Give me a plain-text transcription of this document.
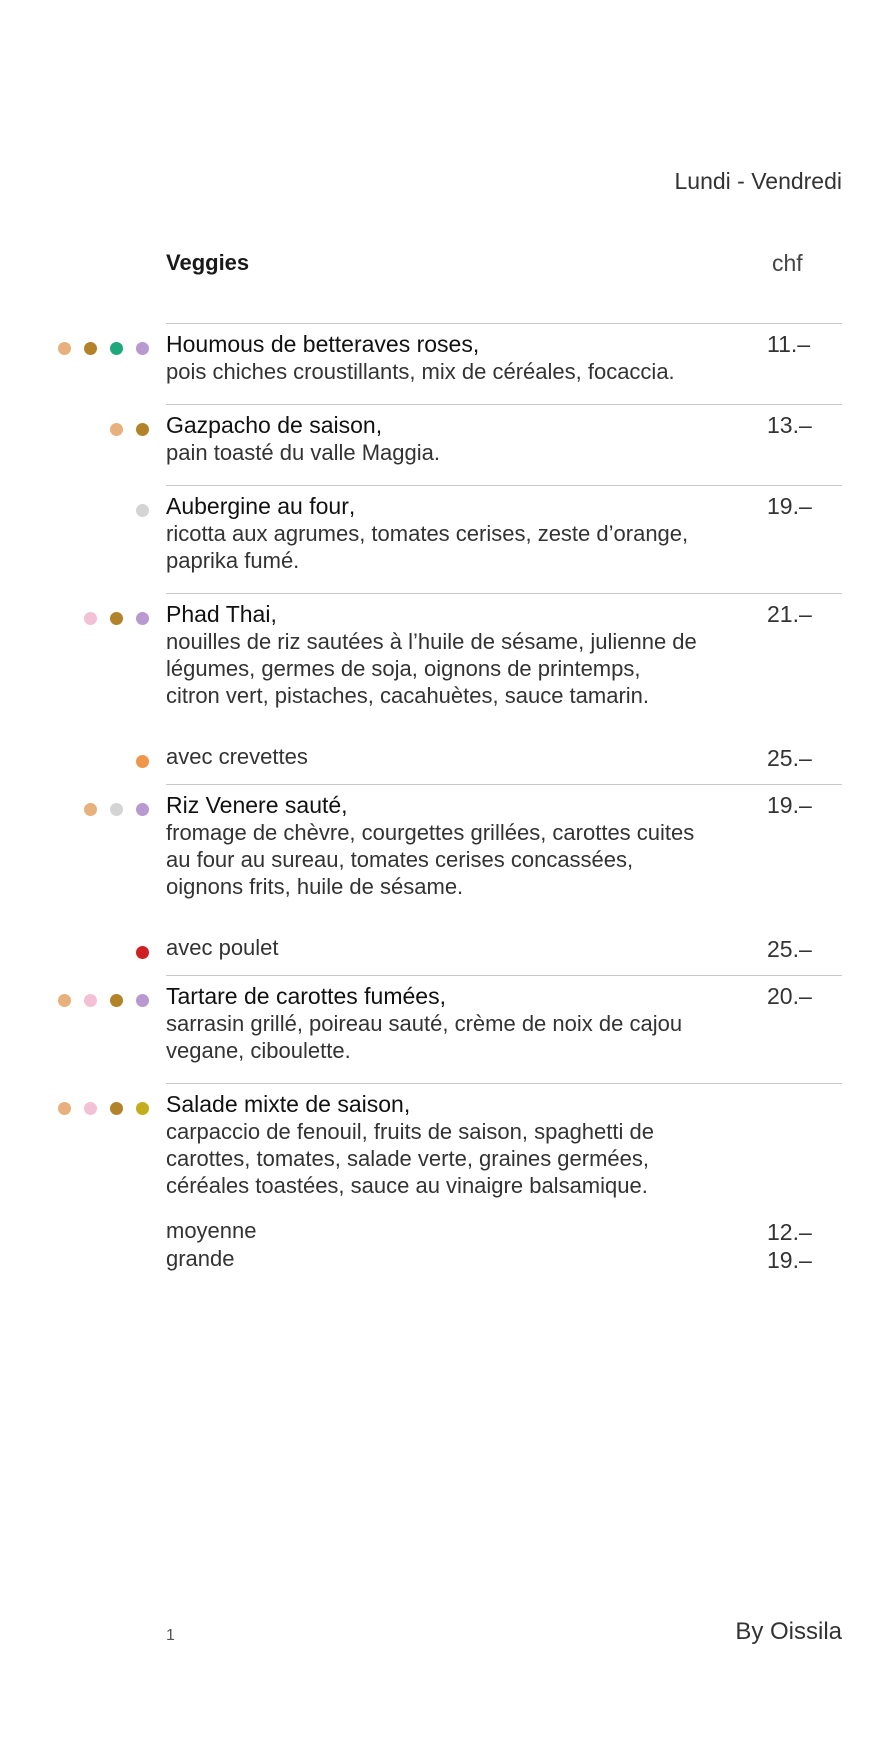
Lundi - Vendredi
Veggies	chf
Houmous de betteraves roses,
pois chiches croustillants, mix de céréales, focaccia.
11.–
Gazpacho de saison,
pain toasté du valle Maggia.
13.–
Aubergine au four,
ricotta aux agrumes, tomates cerises, zeste d’orange,
paprika fumé.
19.–
Phad Thai,
nouilles de riz sautées à l’huile de sésame, julienne de
légumes, germes de soja, oignons de printemps,
citron vert, pistaches, cacahuètes, sauce tamarin.
21.–
avec crevettes	25.–
Riz Venere sauté,
fromage de chèvre, courgettes grillées, carottes cuites
au four au sureau, tomates cerises concassées,
oignons frits, huile de sésame.
19.–
avec poulet	25.–
Tartare de carottes fumées,
sarrasin grillé, poireau sauté, crème de noix de cajou
vegane, ciboulette.
20.–
Salade mixte de saison,
carpaccio de fenouil, fruits de saison, spaghetti de
carottes, tomates, salade verte, graines germées,
céréales toastées, sauce au vinaigre balsamique.
moyenne	12.–
grande	19.–
1	By Oissila
